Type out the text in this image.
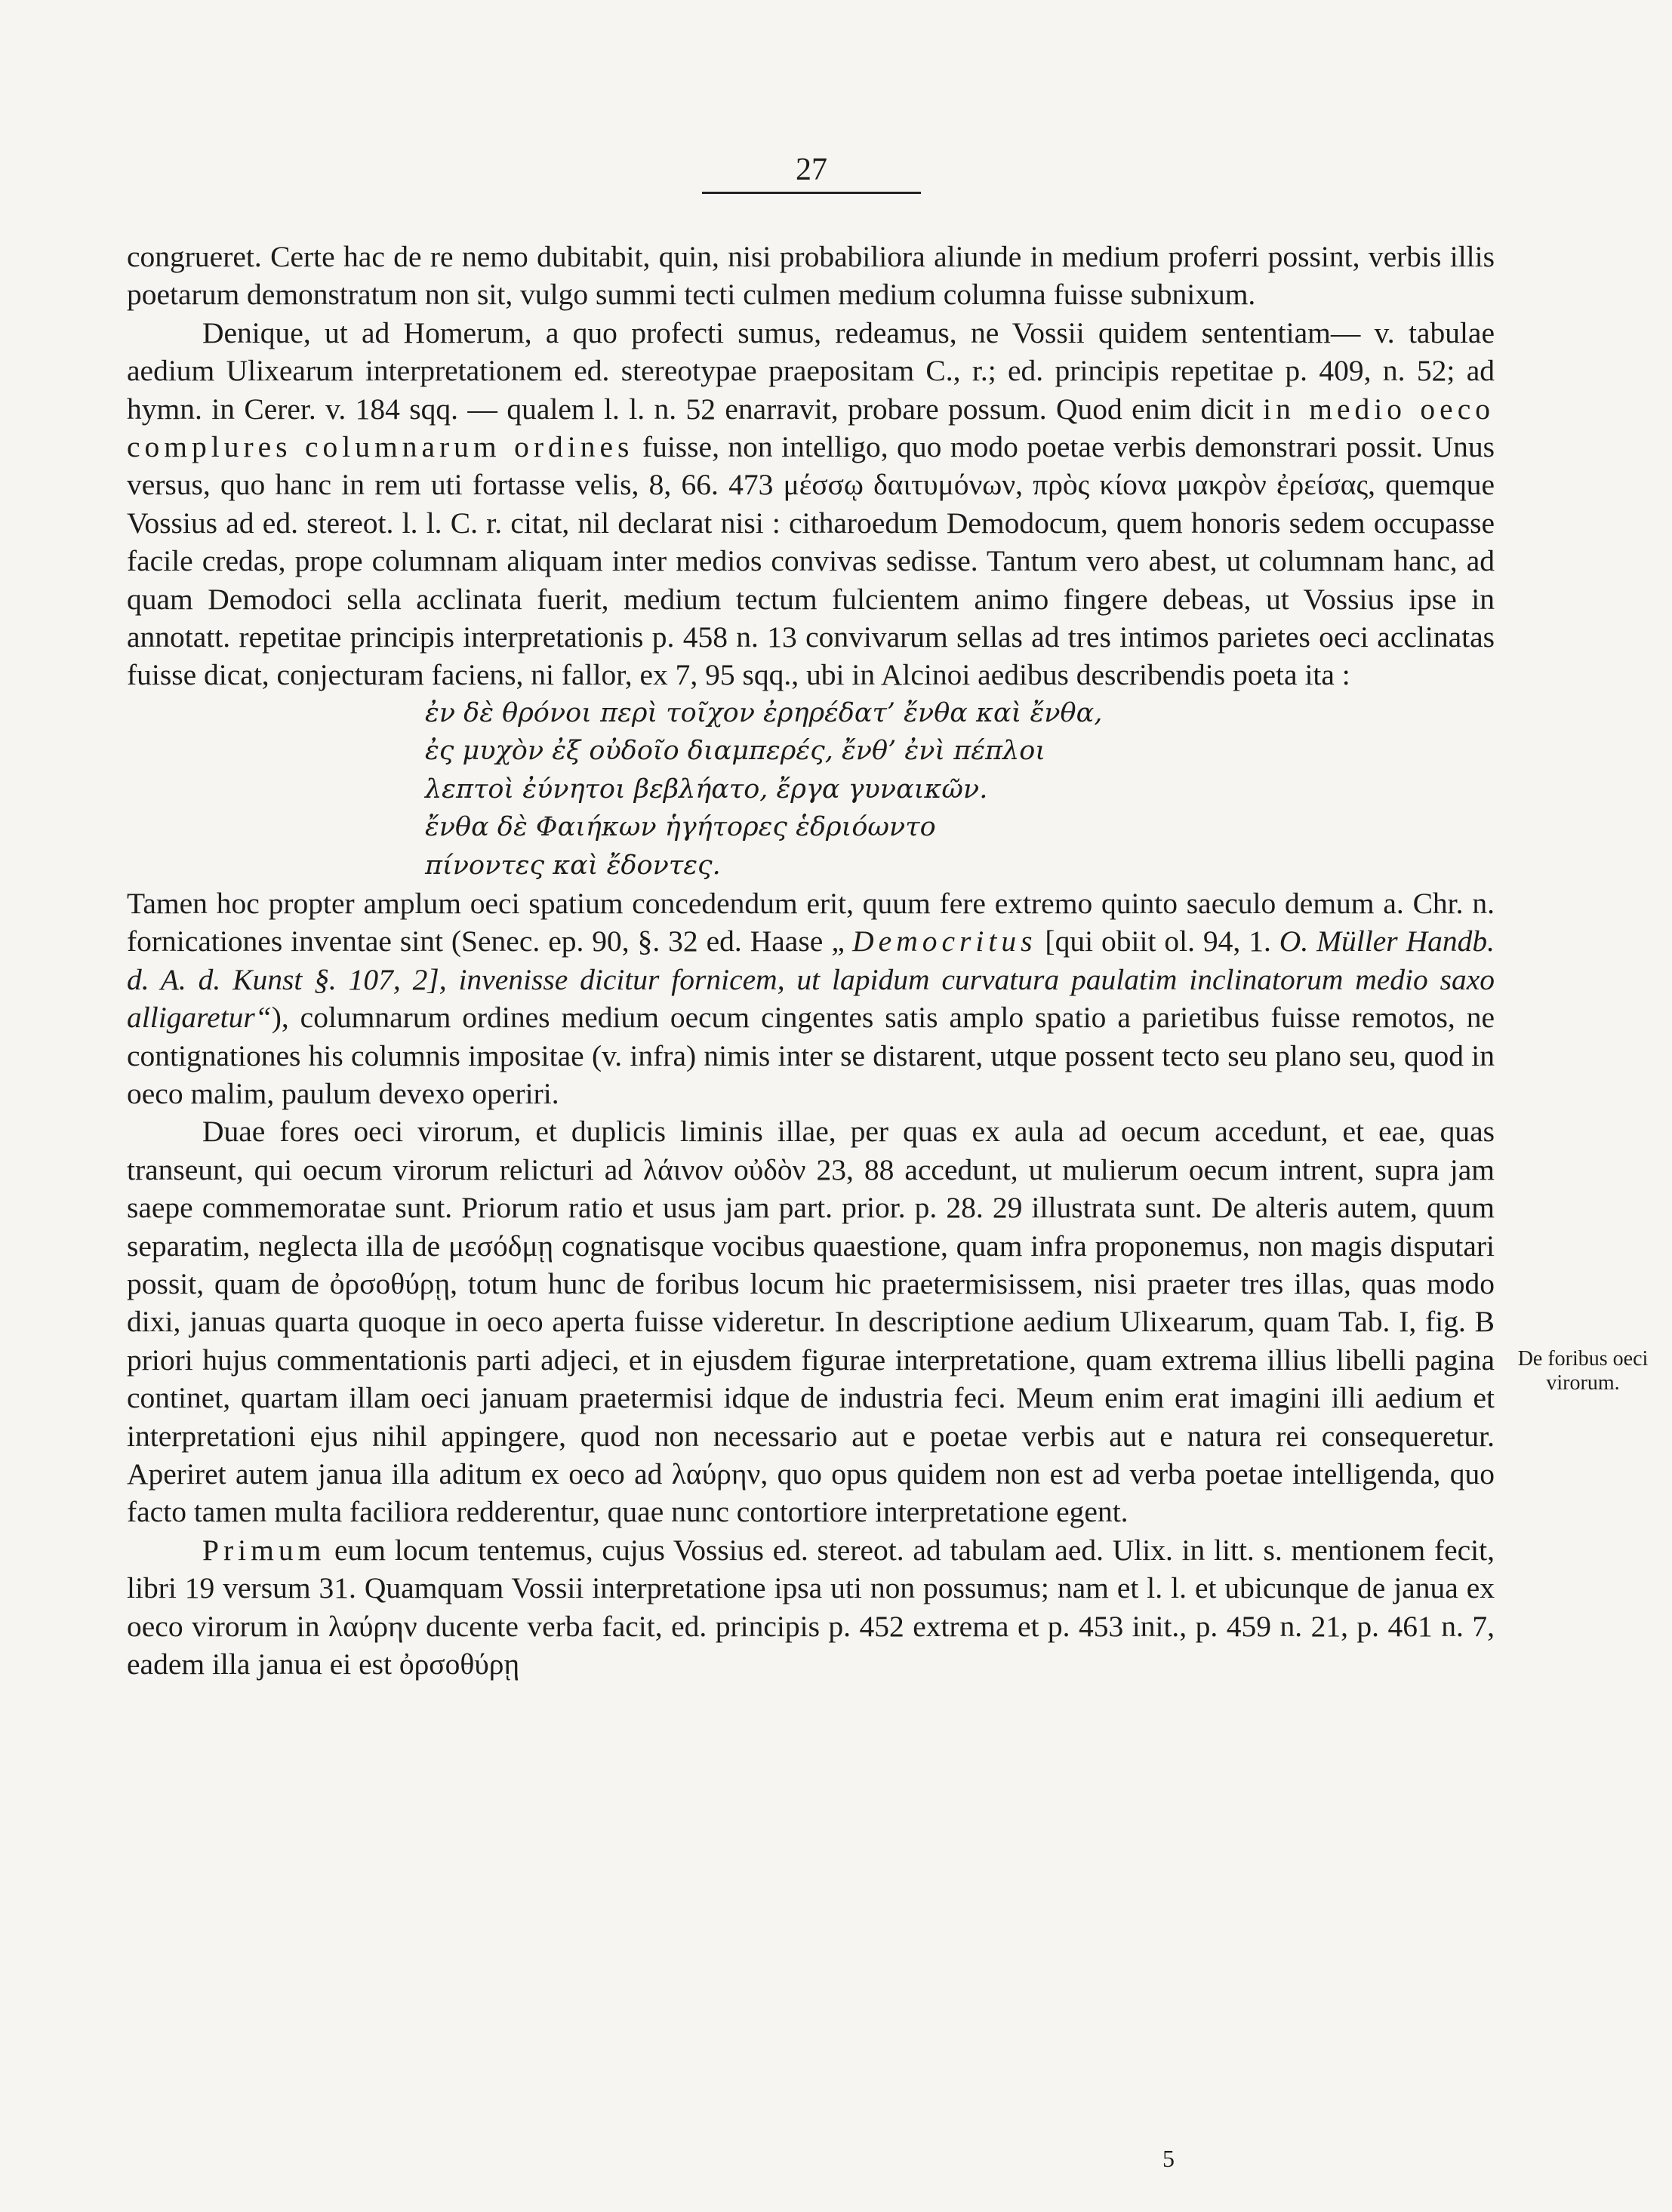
27

congrueret. Certe hac de re nemo dubitabit, quin, nisi probabiliora aliunde in medium proferri possint, verbis illis poetarum demonstratum non sit, vulgo summi tecti culmen medium columna fuisse subnixum.

Denique, ut ad Homerum, a quo profecti sumus, redeamus, ne Vossii quidem sententiam— v. tabulae aedium Ulixearum interpretationem ed. stereotypae praepositam C., r.; ed. principis repetitae p. 409, n. 52; ad hymn. in Cerer. v. 184 sqq. — qualem l. l. n. 52 enarravit, probare possum. Quod enim dicit in medio oeco complures columnarum ordines fuisse, non intelligo, quo modo poetae verbis demonstrari possit. Unus versus, quo hanc in rem uti fortasse velis, 8, 66. 473 μέσσῳ δαιτυμόνων, πρὸς κίονα μακρὸν ἐρείσας, quemque Vossius ad ed. stereot. l. l. C. r. citat, nil declarat nisi : citharoedum Demodocum, quem honoris sedem occupasse facile credas, prope columnam aliquam inter medios convivas sedisse. Tantum vero abest, ut columnam hanc, ad quam Demodoci sella acclinata fuerit, medium tectum fulcientem animo fingere debeas, ut Vossius ipse in annotatt. repetitae principis interpretationis p. 458 n. 13 convivarum sellas ad tres intimos parietes oeci acclinatas fuisse dicat, conjecturam faciens, ni fallor, ex 7, 95 sqq., ubi in Alcinoi aedibus describendis poeta ita :

ἐν δὲ θρόνοι περὶ τοῖχον ἐρηρέδατ’ ἔνθα καὶ ἔνθα,

ἐς μυχὸν ἐξ οὐδοῖο διαμπερές, ἔνθ’ ἐνὶ πέπλοι

λεπτοὶ ἐύνητοι βεβλήατο, ἔργα γυναικῶν.

ἔνθα δὲ Φαιήκων ἡγήτορες ἑδριόωντο

πίνοντες καὶ ἔδοντες.

Tamen hoc propter amplum oeci spatium concedendum erit, quum fere extremo quinto saeculo demum a. Chr. n. fornicationes inventae sint (Senec. ep. 90, §. 32 ed. Haase „Democritus [qui obiit ol. 94, 1. O. Müller Handb. d. A. d. Kunst §. 107, 2], invenisse dicitur fornicem, ut lapidum curvatura paulatim inclinatorum medio saxo alligaretur“), columnarum ordines medium oecum cingentes satis amplo spatio a parietibus fuisse remotos, ne contignationes his columnis impositae (v. infra) nimis inter se distarent, utque possent tecto seu plano seu, quod in oeco malim, paulum devexo operiri.

Duae fores oeci virorum, et duplicis liminis illae, per quas ex aula ad oecum accedunt, et eae, quas transeunt, qui oecum virorum relicturi ad λάινον οὐδὸν 23, 88 accedunt, ut mulierum oecum intrent, supra jam saepe commemoratae sunt. Priorum ratio et usus jam part. prior. p. 28. 29 illustrata sunt. De alteris autem, quum separatim, neglecta illa de μεσόδμῃ cognatisque vocibus quaestione, quam infra proponemus, non magis disputari possit, quam de ὀρσοθύρῃ, totum hunc de foribus locum hic praetermisissem, nisi praeter tres illas, quas modo dixi, januas quarta quoque in oeco aperta fuisse videretur. In descriptione aedium Ulixearum, quam Tab. I, fig. B priori hujus commentationis parti adjeci, et in ejusdem figurae interpretatione, quam extrema illius libelli pagina continet, quartam illam oeci januam praetermisi idque de industria feci. Meum enim erat imagini illi aedium et interpretationi ejus nihil appingere, quod non necessario aut e poetae verbis aut e natura rei consequeretur. Aperiret autem janua illa aditum ex oeco ad λαύρην, quo opus quidem non est ad verba poetae intelligenda, quo facto tamen multa faciliora redderentur, quae nunc contortiore interpretatione egent.

Primum eum locum tentemus, cujus Vossius ed. stereot. ad tabulam aed. Ulix. in litt. s. mentionem fecit, libri 19 versum 31. Quamquam Vossii interpretatione ipsa uti non possumus; nam et l. l. et ubicunque de janua ex oeco virorum in λαύρην ducente verba facit, ed. principis p. 452 extrema et p. 453 init., p. 459 n. 21, p. 461 n. 7, eadem illa janua ei est ὀρσοθύρῃ

De foribus oeci virorum.
5
